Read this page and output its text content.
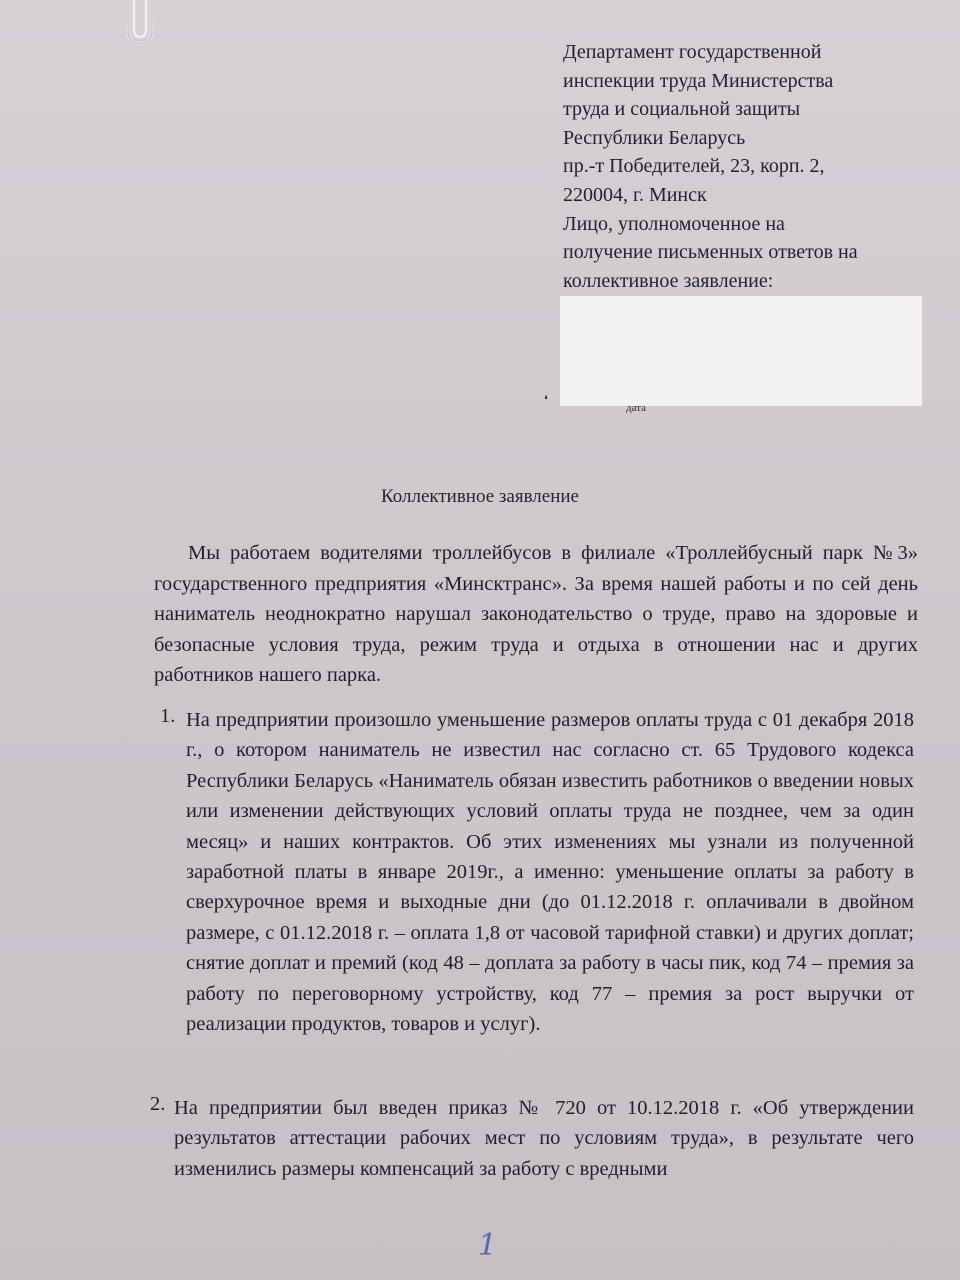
Департамент государственной
инспекции труда Министерства
труда и социальной защиты
Республики Беларусь
пр.-т Победителей, 23, корп. 2,
220004, г. Минск
Лицо, уполномоченное на
получение письменных ответов на
коллективное заявление:
❛
дата
Коллективное заявление

Мы работаем водителями троллейбусов в филиале «Троллейбусный парк №3» государственного предприятия «Минсктранс». За время нашей работы и по сей день наниматель неоднократно нарушал законодательство о труде, право на здоровые и безопасные условия труда, режим труда и отдыха в отношении нас и других работников нашего парка.

1. На предприятии произошло уменьшение размеров оплаты труда с 01 декабря 2018 г., о котором наниматель не известил нас согласно ст. 65 Трудового кодекса Республики Беларусь «Наниматель обязан известить работников о введении новых или изменении действующих условий оплаты труда не позднее, чем за один месяц» и наших контрактов. Об этих изменениях мы узнали из полученной заработной платы в январе 2019г., а именно: уменьшение оплаты за работу в сверхурочное время и выходные дни (до 01.12.2018 г. оплачивали в двойном размере, с 01.12.2018 г. – оплата 1,8 от часовой тарифной ставки) и других доплат; снятие доплат и премий (код 48 – доплата за работу в часы пик, код 74 – премия за работу по переговорному устройству, код 77 – премия за рост выручки от реализации продуктов, товаров и услуг).

2. На предприятии был введен приказ № 720 от 10.12.2018 г. «Об утверждении результатов аттестации рабочих мест по условиям труда», в результате чего изменились размеры компенсаций за работу с вредными

1
